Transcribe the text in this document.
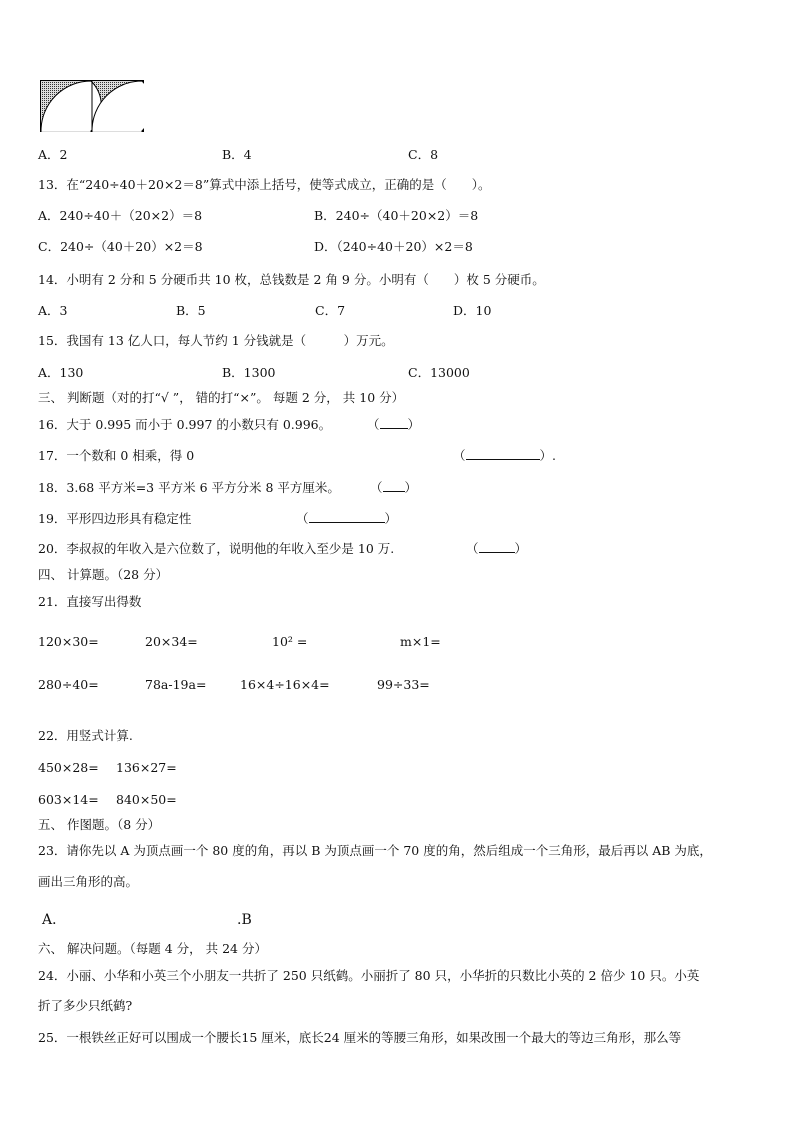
A．2	B．4	C．8
13．在“240÷40＋20×2＝8”算式中添上括号，使等式成立，正确的是（　　）。
A．240÷40＋（20×2）＝8	B．240÷（40＋20×2）＝8
C．240÷（40＋20）×2＝8	D．（240÷40＋20）×2＝8
14．小明有 2 分和 5 分硬币共 10 枚，总钱数是 2 角 9 分。小明有（　　）枚 5 分硬币。
A．3	B．5	C．7	D．10
15．我国有 13 亿人口，每人节约 1 分钱就是（　　　）万元。
A．130	B．1300	C．13000
三、 判断题（对的打“√ ”， 错的打“×”。 每题 2 分， 共 10 分）
16．大于 0.995 而小于 0.997 的小数只有 0.996。	（ ）
17．一个数和 0 相乘，得 0	（	）.
18．3.68 平方米=3 平方米 6 平方分米 8 平方厘米。 （ ）
19．平形四边形具有稳定性	（	）
20．李叔叔的年收入是六位数了，说明他的年收入至少是 10 万.	（	）
四、 计算题。（28 分）
21．直接写出得数
120×30=	20×34=	10² =	m×1=
280÷40=	78a-19a=	16×4÷16×4=	99÷33=
22．用竖式计算.
450×28= 136×27=
603×14= 840×50=
五、 作图题。（8 分）
23．请你先以 A 为顶点画一个 80 度的角，再以 B 为顶点画一个 70 度的角，然后组成一个三角形，最后再以 AB 为底，
画出三角形的高。
A．	.B
六、 解决问题。（每题 4 分， 共 24 分）
24．小丽、小华和小英三个小朋友一共折了 250 只纸鹤。小丽折了 80 只，小华折的只数比小英的 2 倍少 10 只。小英
折了多少只纸鹤?
25．一根铁丝正好可以围成一个腰长15 厘米，底长24 厘米的等腰三角形，如果改围一个最大的等边三角形，那么等
